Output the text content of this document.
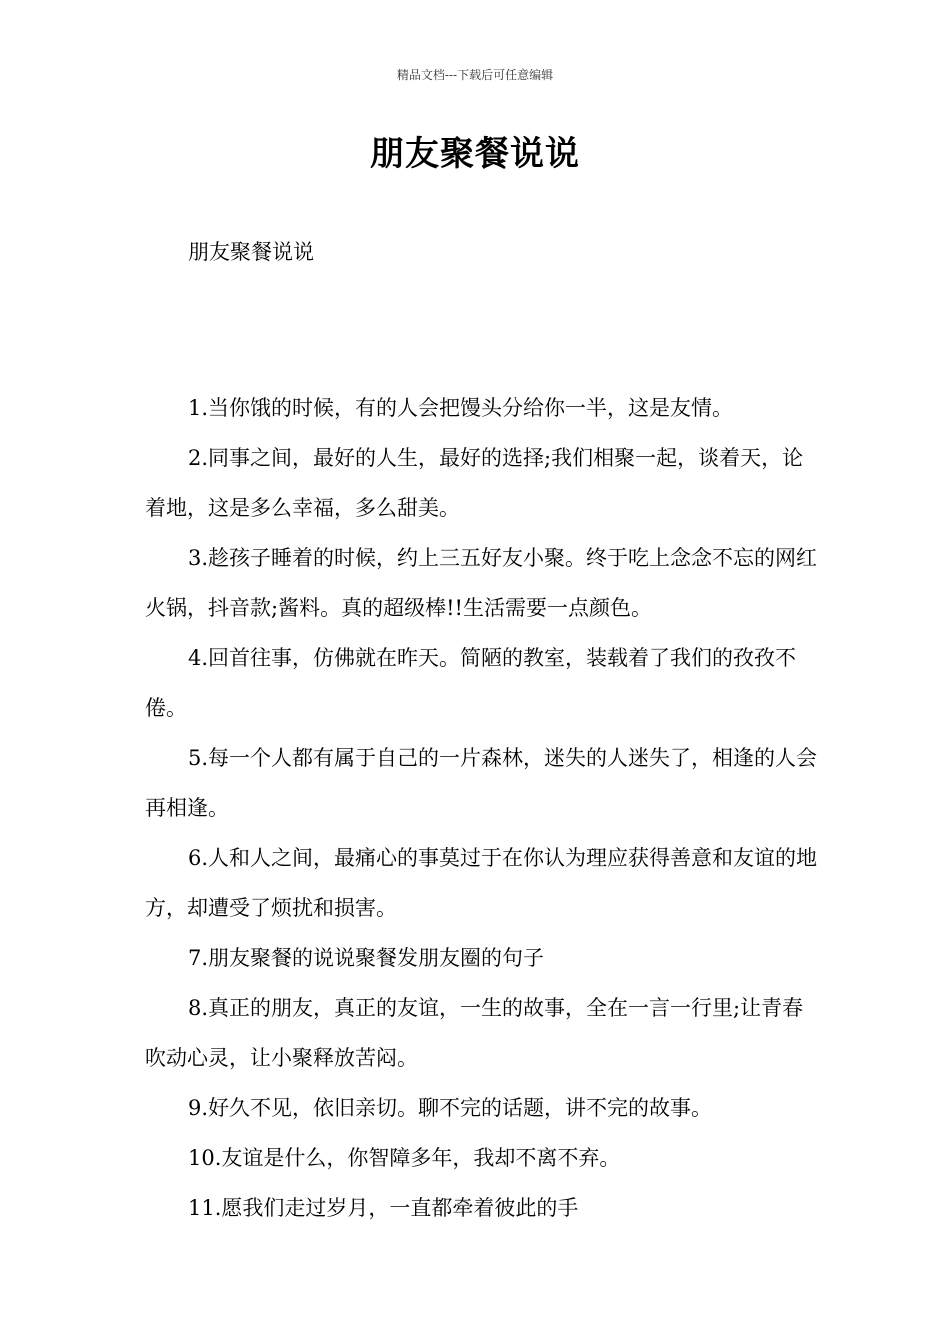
精品文档---下载后可任意编辑
朋友聚餐说说
朋友聚餐说说

1.当你饿的时候，有的人会把馒头分给你一半，这是友情。

2.同事之间，最好的人生，最好的选择;我们相聚一起，谈着天，论着地，这是多么幸福，多么甜美。

3.趁孩子睡着的时候，约上三五好友小聚。终于吃上念念不忘的网红火锅，抖音款;酱料。真的超级棒!!生活需要一点颜色。

4.回首往事，仿佛就在昨天。简陋的教室，装载着了我们的孜孜不倦。

5.每一个人都有属于自己的一片森林，迷失的人迷失了，相逢的人会再相逢。

6.人和人之间，最痛心的事莫过于在你认为理应获得善意和友谊的地方，却遭受了烦扰和损害。

7.朋友聚餐的说说聚餐发朋友圈的句子

8.真正的朋友，真正的友谊，一生的故事，全在一言一行里;让青春吹动心灵，让小聚释放苦闷。

9.好久不见，依旧亲切。聊不完的话题，讲不完的故事。

10.友谊是什么，你智障多年，我却不离不弃。

11.愿我们走过岁月，一直都牵着彼此的手
